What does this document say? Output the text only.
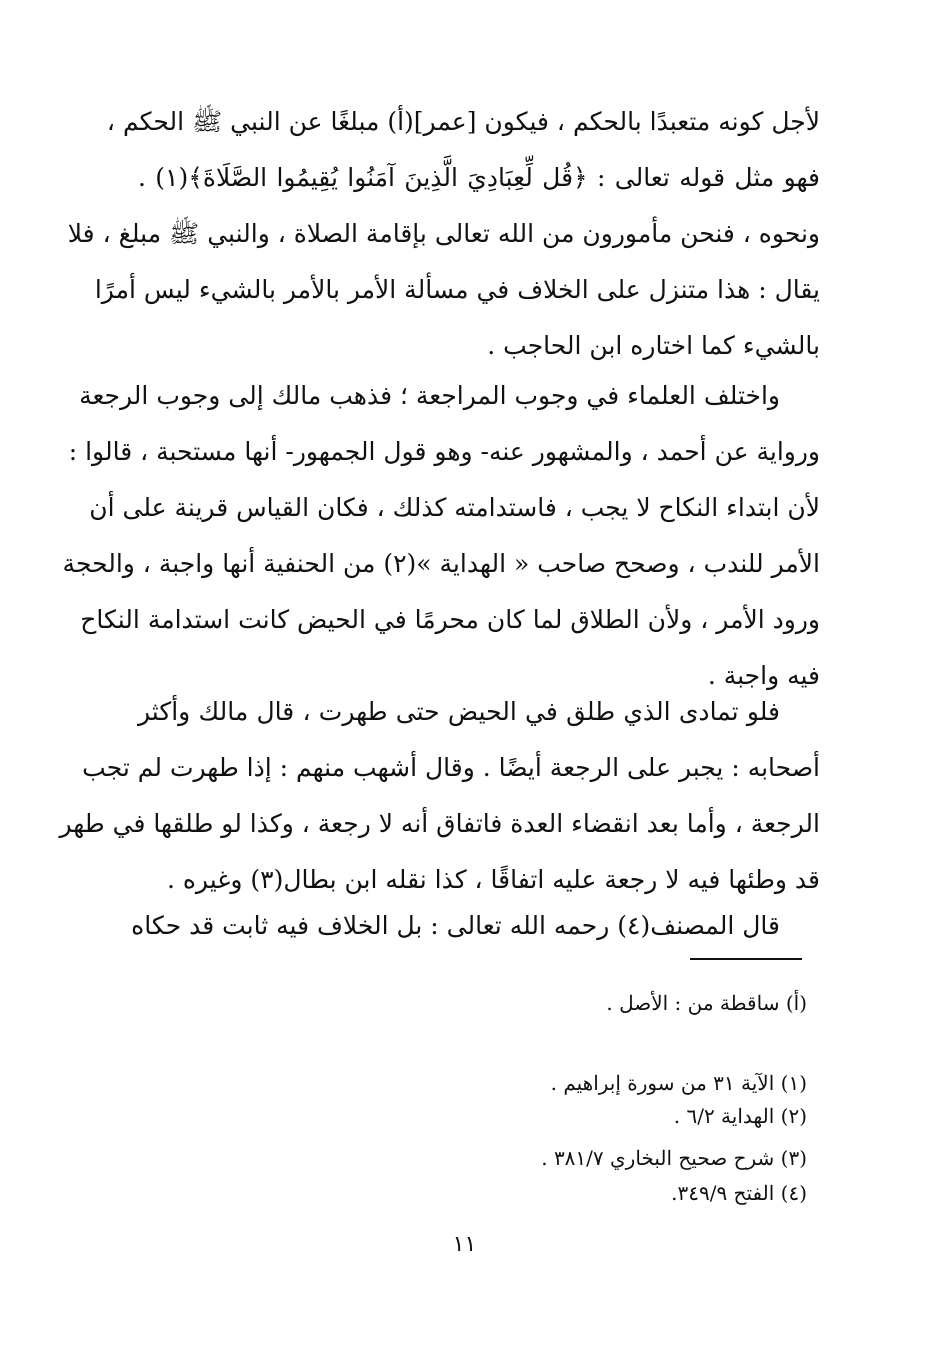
لأجل كونه متعبدًا بالحكم ، فيكون [عمر](أ) مبلغًا عن النبي ﷺ الحكم ،
فهو مثل قوله تعالى : ﴿قُل لِّعِبَادِيَ الَّذِينَ آمَنُوا يُقِيمُوا الصَّلَاةَ﴾(١) .
ونحوه ، فنحن مأمورون من الله تعالى بإقامة الصلاة ، والنبي ﷺ مبلغ ، فلا
يقال : هذا متنزل على الخلاف في مسألة الأمر بالأمر بالشيء ليس أمرًا
بالشيء كما اختاره ابن الحاجب .
واختلف العلماء في وجوب المراجعة ؛ فذهب مالك إلى وجوب الرجعة
ورواية عن أحمد ، والمشهور عنه- وهو قول الجمهور- أنها مستحبة ، قالوا :
لأن ابتداء النكاح لا يجب ، فاستدامته كذلك ، فكان القياس قرينة على أن
الأمر للندب ، وصحح صاحب « الهداية »(٢) من الحنفية أنها واجبة ، والحجة
ورود الأمر ، ولأن الطلاق لما كان محرمًا في الحيض كانت استدامة النكاح
فيه واجبة .
فلو تمادى الذي طلق في الحيض حتى طهرت ، قال مالك وأكثر
أصحابه : يجبر على الرجعة أيضًا . وقال أشهب منهم : إذا طهرت لم تجب
الرجعة ، وأما بعد انقضاء العدة فاتفاق أنه لا رجعة ، وكذا لو طلقها في طهر
قد وطئها فيه لا رجعة عليه اتفاقًا ، كذا نقله ابن بطال(٣) وغيره .
قال المصنف(٤) رحمه الله تعالى : بل الخلاف فيه ثابت قد حكاه
(أ) ساقطة من : الأصل .
(١) الآية ٣١ من سورة إبراهيم .
(٢) الهداية ٦/٢ .
(٣) شرح صحيح البخاري ٣٨١/٧ .
(٤) الفتح ٣٤٩/٩.
١١
